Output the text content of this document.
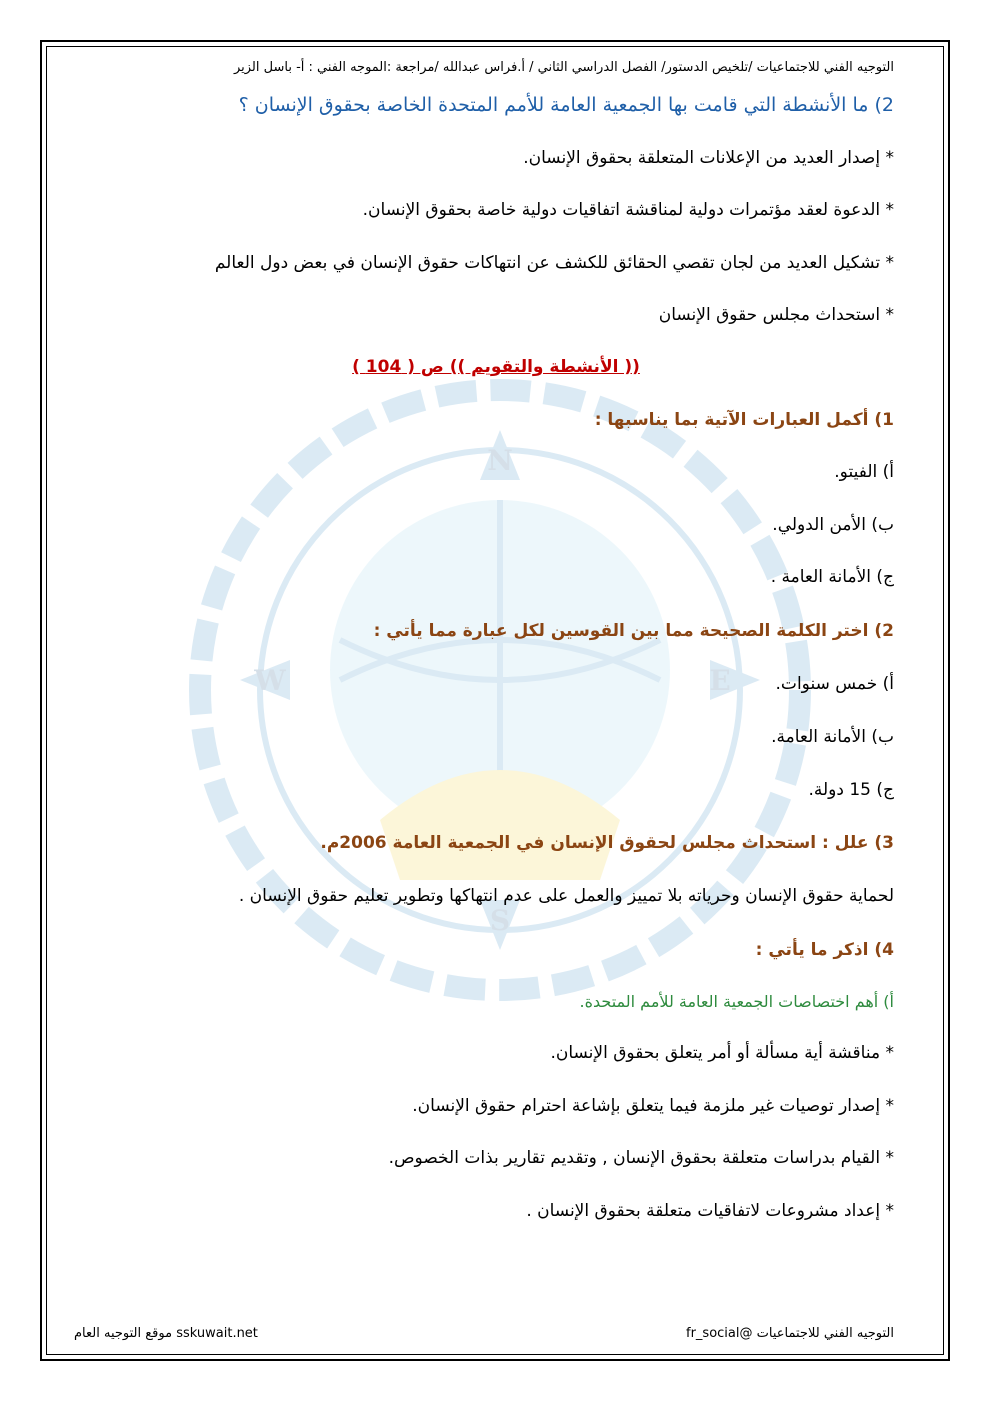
N
W	E
S
التوجيه الفني للاجتماعيات /تلخيص الدستور/ الفصل الدراسي الثاني / أ.فراس عبدالله /مراجعة :الموجه الفني : أ- باسل الزير
2) ما الأنشطة التي قامت بها الجمعية العامة للأمم المتحدة الخاصة بحقوق الإنسان ؟
* إصدار العديد من الإعلانات المتعلقة بحقوق الإنسان.
* الدعوة لعقد مؤتمرات دولية لمناقشة اتفاقيات دولية خاصة بحقوق الإنسان.
* تشكيل العديد من لجان تقصي الحقائق للكشف عن انتهاكات حقوق الإنسان في بعض دول العالم
* استحداث مجلس حقوق الإنسان
(( الأنشطة والتقويم )) ص ( 104 )
1) أكمل العبارات الآتية بما يناسبها :
أ) الفيتو.
ب) الأمن الدولي.
ج) الأمانة العامة .
2) اختر الكلمة الصحيحة مما بين القوسين لكل عبارة مما يأتي :
أ) خمس سنوات.
ب) الأمانة العامة.
ج) 15 دولة.
3) علل : استحداث مجلس لحقوق الإنسان في الجمعية العامة 2006م.
لحماية حقوق الإنسان وحرياته بلا تمييز والعمل على عدم انتهاكها وتطوير تعليم حقوق الإنسان .
4) اذكر ما يأتي :
أ) أهم اختصاصات الجمعية العامة للأمم المتحدة.
* مناقشة أية مسألة أو أمر يتعلق بحقوق الإنسان.
* إصدار توصيات غير ملزمة فيما يتعلق بإشاعة احترام حقوق الإنسان.
* القيام بدراسات متعلقة بحقوق الإنسان , وتقديم تقارير بذات الخصوص.
* إعداد مشروعات لاتفاقيات متعلقة بحقوق الإنسان .
التوجيه الفني للاجتماعيات @fr_social
sskuwait.net موقع التوجيه العام
